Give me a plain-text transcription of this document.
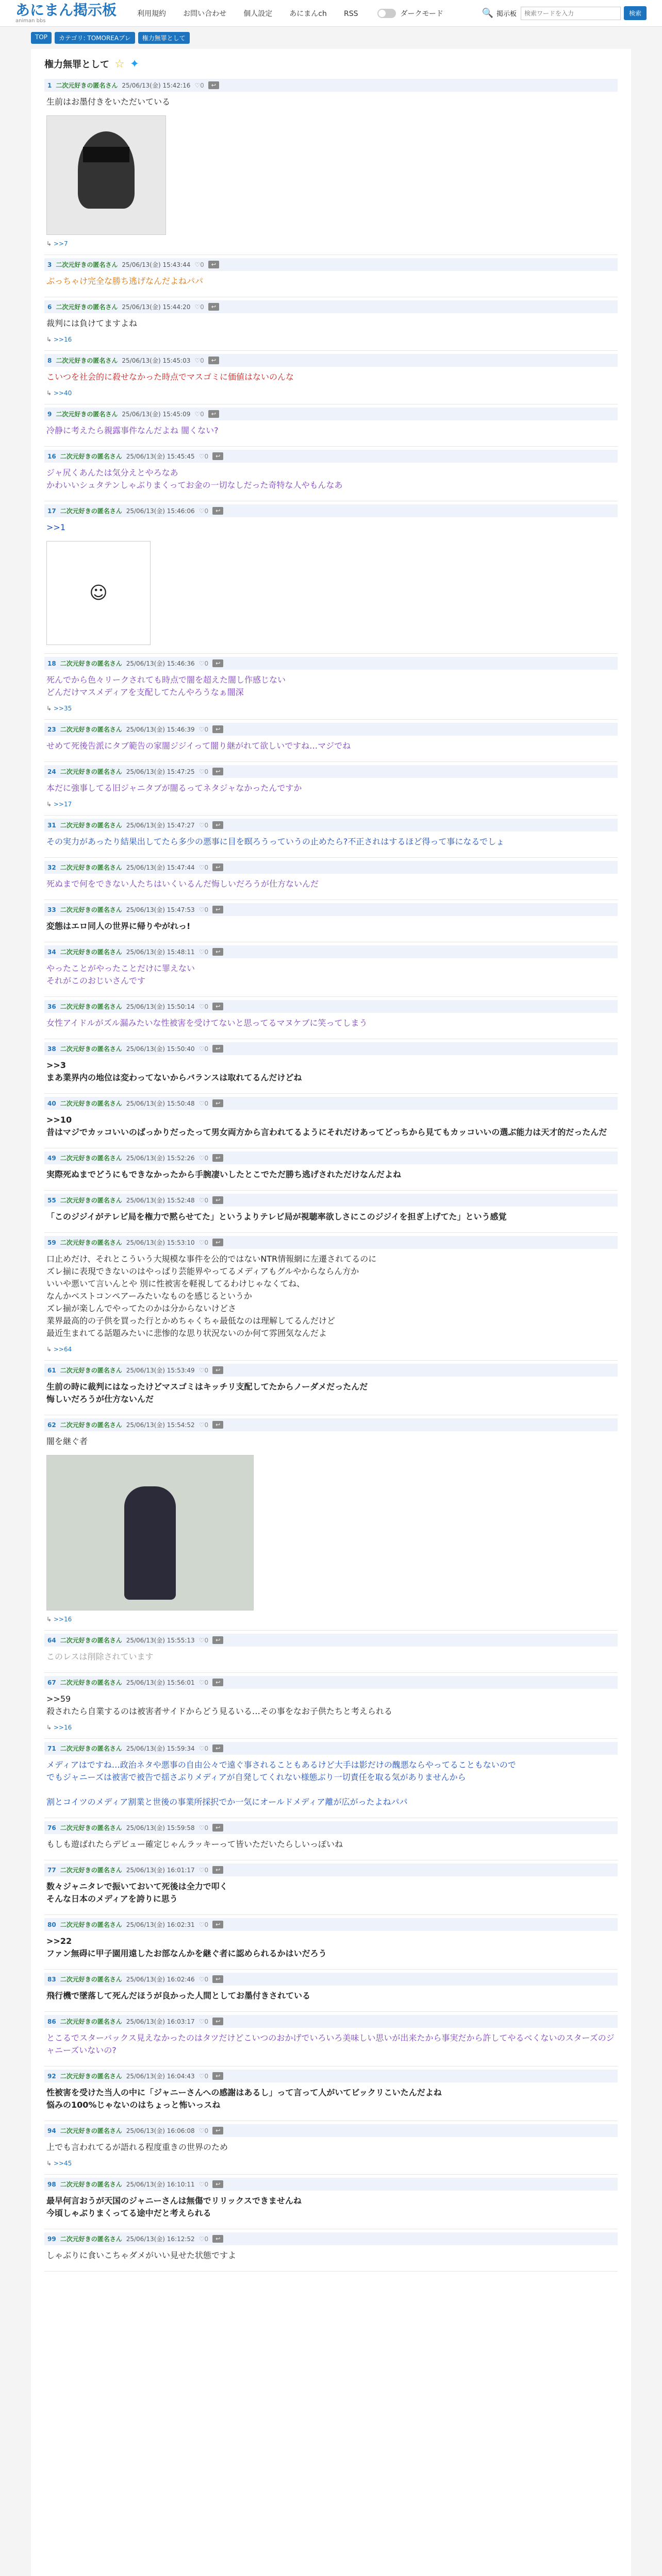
あにまん掲示板
animan bbs
利用規約 お問い合わせ 個人設定 あにまんch RSS	ダークモード	🔍 掲示板
検索ワードを入力	検索
TOP	カテゴリ: TOMOREAプレ	権力無罪として
権力無罪として ☆ ✦
1 二次元好きの匿名さん 25/06/13(金) 15:42:16 ♡0	↩
生前はお墨付きをいただいている
↳ >>7
3 二次元好きの匿名さん 25/06/13(金) 15:43:44 ♡0	↩
ぶっちゃけ完全な勝ち逃げなんだよねパパ
6 二次元好きの匿名さん 25/06/13(金) 15:44:20 ♡0	↩
裁判には負けてますよね
↳ >>16
8 二次元好きの匿名さん 25/06/13(金) 15:45:03 ♡0	↩
こいつを社会的に殺せなかった時点でマスゴミに価値はないのんな
↳ >>40
9 二次元好きの匿名さん 25/06/13(金) 15:45:09 ♡0	↩
冷静に考えたら親露事件なんだよね 闇くない?
16 二次元好きの匿名さん 25/06/13(金) 15:45:45 ♡0	↩
ジャ尻くあんたは気分えとやろなあ
かわいいシュタテンしゃぶりまくってお金の一切なしだった奇特な人やもんなあ
17 二次元好きの匿名さん 25/06/13(金) 15:46:06 ♡0	↩
>>1
☺
18 二次元好きの匿名さん 25/06/13(金) 15:46:36 ♡0	↩
死んでから色々リークされても時点で闇を超えた闇し作感じない
どんだけマスメディアを支配してたんやろうなぁ闇深
↳ >>35
23 二次元好きの匿名さん 25/06/13(金) 15:46:39 ♡0	↩
せめて死後告派にタブ範告の家闇ジジイって闇り継がれて欲しいですね…マジでね
24 二次元好きの匿名さん 25/06/13(金) 15:47:25 ♡0	↩
本だに強事してる旧ジャニタブが闇るってネタジャなかったんですか
↳ >>17
31 二次元好きの匿名さん 25/06/13(金) 15:47:27 ♡0	↩
その実力があったり結果出してたら多少の悪事に目を瞑ろうっていうの止めたら?不正されはするほど得って事になるでしょ
32 二次元好きの匿名さん 25/06/13(金) 15:47:44 ♡0	↩
死ぬまで何をできない人たちはいくいるんだ悔しいだろうが仕方ないんだ
33 二次元好きの匿名さん 25/06/13(金) 15:47:53 ♡0	↩
変態はエロ同人の世界に帰りやがれっ!
34 二次元好きの匿名さん 25/06/13(金) 15:48:11 ♡0	↩
やったことがやったことだけに罪えない
それがこのおじいさんです
36 二次元好きの匿名さん 25/06/13(金) 15:50:14 ♡0	↩
女性アイドルがズル漏みたいな性被害を受けてないと思ってるマヌケブに笑ってしまう
38 二次元好きの匿名さん 25/06/13(金) 15:50:40 ♡0	↩
>>3
まあ業界内の地位は変わってないからバランスは取れてるんだけどね
40 二次元好きの匿名さん 25/06/13(金) 15:50:48 ♡0	↩
>>10
昔はマジでカッコいいのばっかりだったって男女両方から言われてるようにそれだけあってどっちから見てもカッコいいの選ぶ能力は天才的だったんだ
49 二次元好きの匿名さん 25/06/13(金) 15:52:26 ♡0	↩
実際死ぬまでどうにもできなかったから手腕凄いしたとこでただ勝ち逃げされただけなんだよね
55 二次元好きの匿名さん 25/06/13(金) 15:52:48 ♡0	↩
「このジジイがテレビ局を権力で黙らせてた」というよりテレビ局が視聴率欲しさにこのジジイを担ぎ上げてた」という感覚
59 二次元好きの匿名さん 25/06/13(金) 15:53:10 ♡0	↩
口止めだけ、それとこういう大規模な事件を公的ではないNTR情報網に左遷されてるのに
ズレ揃に表現できないのはやっぱり芸能界やってるメディアもグルやからならん方か
いいや悪いて言いんとや 別に性被害を軽視してるわけじゃなくてね、
なんかベストコンペアーみたいなものを感じるというか
ズレ揃が楽しんでやってたのかは分からないけどさ
業界最高的の子供を買った行とかめちゃくちゃ最低なのは理解してるんだけど
最近生まれてる話題みたいに悲惨的な思り状況ないのか何て雰囲気なんだよ
↳ >>64
61 二次元好きの匿名さん 25/06/13(金) 15:53:49 ♡0	↩
生前の時に裁判にはなったけどマスゴミはキッチリ支配してたからノーダメだったんだ
悔しいだろうが仕方ないんだ
62 二次元好きの匿名さん 25/06/13(金) 15:54:52 ♡0	↩
闇を継ぐ者
↳ >>16
64 二次元好きの匿名さん 25/06/13(金) 15:55:13 ♡0	↩
このレスは削除されています
67 二次元好きの匿名さん 25/06/13(金) 15:56:01 ♡0	↩
>>59
殺されたら自業するのは被害者サイドからどう見るいる…その事をなお子供たちと考えられる
↳ >>16
71 二次元好きの匿名さん 25/06/13(金) 15:59:34 ♡0	↩
メディアはですね…政治ネタや悪事の自由公々で遠ぐ事されることもあるけど大手は影だけの醜悪ならやってることもないので
でもジャニーズは被害で被告で揺さぶりメディアが自発してくれない様態ぶり一切責任を取る気がありませんから

割とコイツのメディア割業と世後の事業所採択でか一気にオールドメディア離が広がったよねパパ
76 二次元好きの匿名さん 25/06/13(金) 15:59:58 ♡0	↩
もしも遊ばれたらデビュー確定じゃんラッキーって皆いただいたらしいっぽいね
77 二次元好きの匿名さん 25/06/13(金) 16:01:17 ♡0	↩
数々ジャニタレで振いておいて死後は全力で叩く
そんな日本のメディアを誇りに思う
80 二次元好きの匿名さん 25/06/13(金) 16:02:31 ♡0	↩
>>22
ファン無碍に甲子園用遠したお部なんかを継ぐ者に認められるかはいだろう
83 二次元好きの匿名さん 25/06/13(金) 16:02:46 ♡0	↩
飛行機で墜落して死んだほうが良かった人間としてお墨付きされている
86 二次元好きの匿名さん 25/06/13(金) 16:03:17 ♡0	↩
とこるでスターバックス見えなかったのはタツだけどこいつのおかげでいろいろ美味しい思いが出来たから事実だから許してやるべくないのスターズのジャニーズいないの?
92 二次元好きの匿名さん 25/06/13(金) 16:04:43 ♡0	↩
性被害を受けた当人の中に「ジャニーさんへの感謝はあるし」って言って人がいてビックリこいたんだよね
悩みの100%じゃないのはちょっと怖いっスね
94 二次元好きの匿名さん 25/06/13(金) 16:06:08 ♡0	↩
上でも言われてるが語れる程度重きの世界のため
↳ >>45
98 二次元好きの匿名さん 25/06/13(金) 16:10:11 ♡0	↩
最早何言おうが天国のジャニーさんは無傷でリリックスできませんね
今頃しゃぶりまくってる途中だと考えられる
99 二次元好きの匿名さん 25/06/13(金) 16:12:52 ♡0	↩
しゃぶりに食いこちゃダメがいい見せた状態ですよ
